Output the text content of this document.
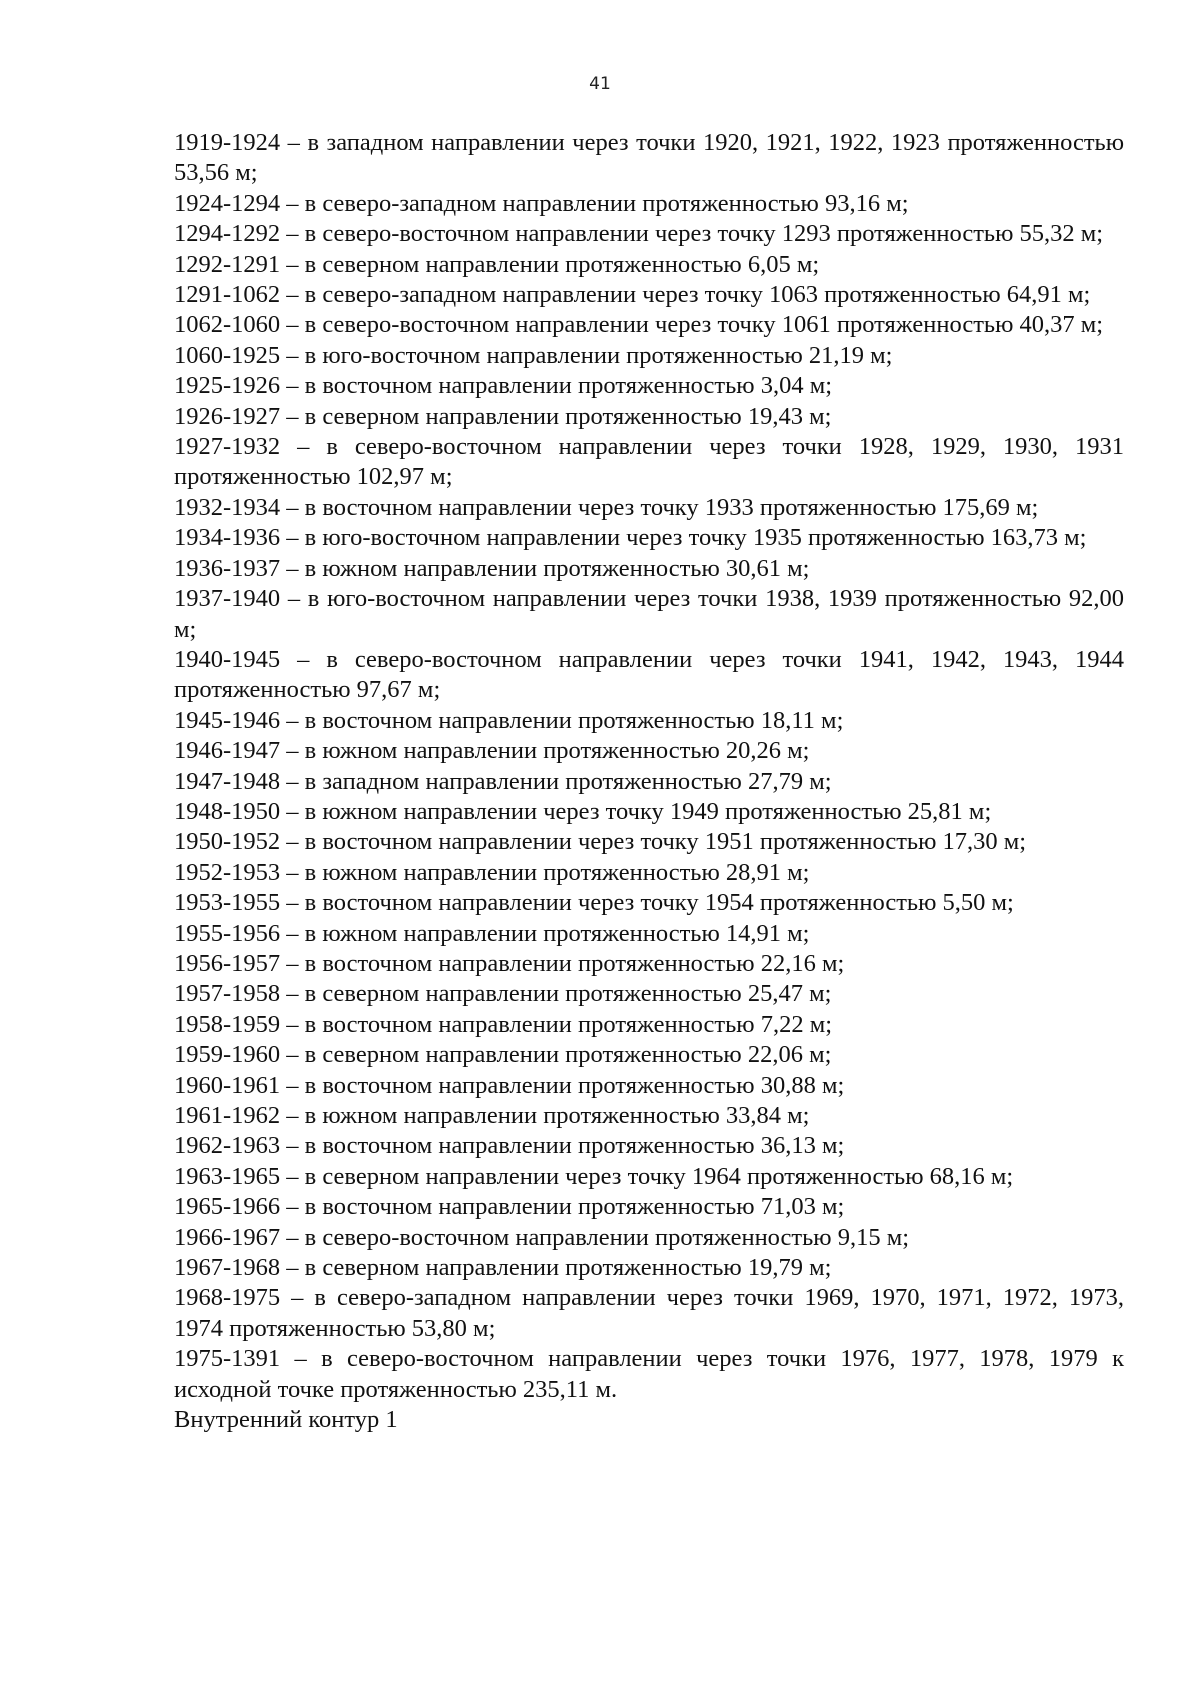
41

1919-1924 – в западном направлении через точки 1920, 1921, 1922, 1923 протяженностью 53,56 м;

1924-1294 – в северо-западном направлении протяженностью 93,16 м;

1294-1292 – в северо-восточном направлении через точку 1293 протяженностью 55,32 м;

1292-1291 – в северном направлении протяженностью 6,05 м;

1291-1062 – в северо-западном направлении через точку 1063 протяженностью 64,91 м;

1062-1060 – в северо-восточном направлении через точку 1061 протяженностью 40,37 м;

1060-1925 – в юго-восточном направлении протяженностью 21,19 м;

1925-1926 – в восточном направлении протяженностью 3,04 м;

1926-1927 – в северном направлении протяженностью 19,43 м;

1927-1932 – в северо-восточном направлении через точки 1928, 1929, 1930, 1931 протяженностью 102,97 м;

1932-1934 – в восточном направлении через точку 1933 протяженностью 175,69 м;

1934-1936 – в юго-восточном направлении через точку 1935 протяженностью 163,73 м;

1936-1937 – в южном направлении протяженностью 30,61 м;

1937-1940 – в юго-восточном направлении через точки 1938, 1939 протяженностью 92,00 м;

1940-1945 – в северо-восточном направлении через точки 1941, 1942, 1943, 1944 протяженностью 97,67 м;

1945-1946 – в восточном направлении протяженностью 18,11 м;

1946-1947 – в южном направлении протяженностью 20,26 м;

1947-1948 – в западном направлении протяженностью 27,79 м;

1948-1950 – в южном направлении через точку 1949 протяженностью 25,81 м;

1950-1952 – в восточном направлении через точку 1951 протяженностью 17,30 м;

1952-1953 – в южном направлении протяженностью 28,91 м;

1953-1955 – в восточном направлении через точку 1954 протяженностью 5,50 м;

1955-1956 – в южном направлении протяженностью 14,91 м;

1956-1957 – в восточном направлении протяженностью 22,16 м;

1957-1958 – в северном направлении протяженностью 25,47 м;

1958-1959 – в восточном направлении протяженностью 7,22 м;

1959-1960 – в северном направлении протяженностью 22,06 м;

1960-1961 – в восточном направлении протяженностью 30,88 м;

1961-1962 – в южном направлении протяженностью 33,84 м;

1962-1963 – в восточном направлении протяженностью 36,13 м;

1963-1965 – в северном направлении через точку 1964 протяженностью 68,16 м;

1965-1966 – в восточном направлении протяженностью 71,03 м;

1966-1967 – в северо-восточном направлении протяженностью 9,15 м;

1967-1968 – в северном направлении протяженностью 19,79 м;

1968-1975 – в северо-западном направлении через точки 1969, 1970, 1971, 1972, 1973, 1974 протяженностью 53,80 м;

1975-1391 – в северо-восточном направлении через точки 1976, 1977, 1978, 1979 к исходной точке протяженностью 235,11 м.

Внутренний контур 1
